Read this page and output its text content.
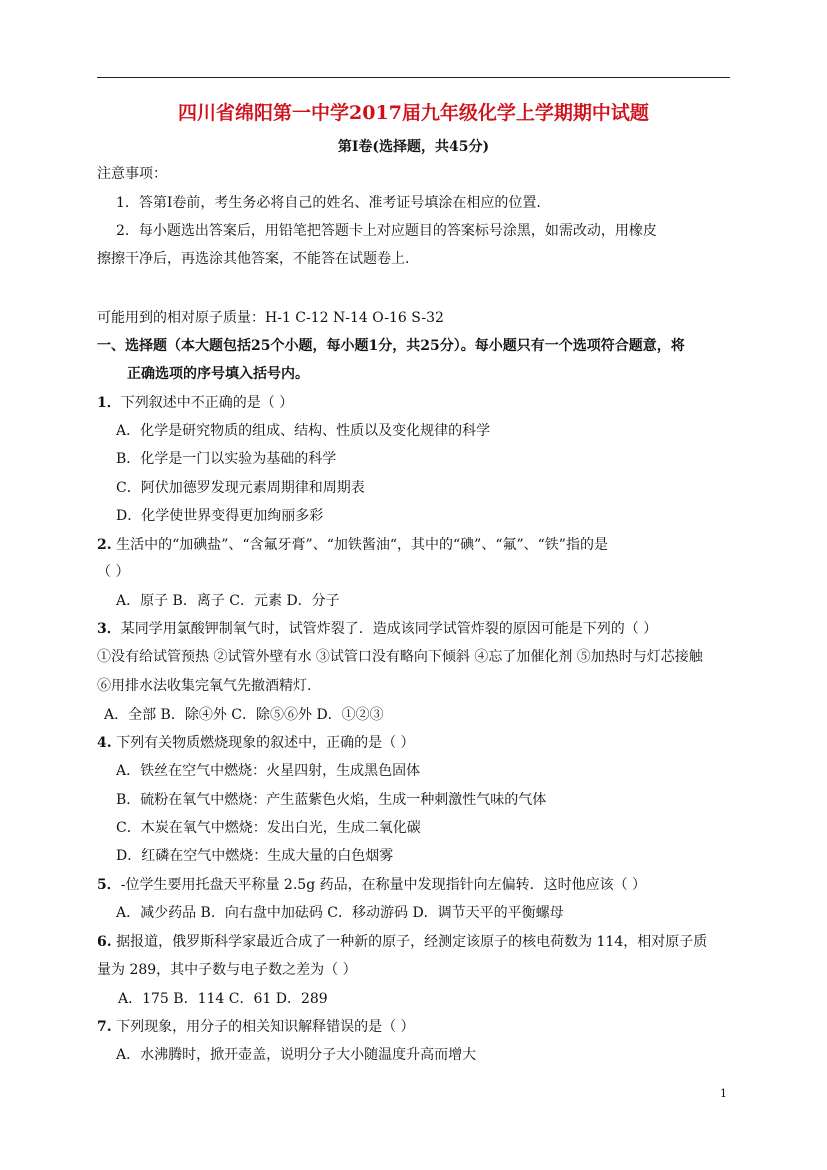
四川省绵阳第一中学2017届九年级化学上学期期中试题
第I卷(选择题，共45分)
注意事项：
1．答第I卷前，考生务必将自己的姓名、准考证号填涂在相应的位置.
2．每小题选出答案后，用铅笔把答题卡上对应题目的答案标号涂黑，如需改动，用橡皮
擦擦干净后，再选涂其他答案，不能答在试题卷上.
可能用到的相对原子质量：H-1 C-12 N-14 O-16 S-32
一、选择题（本大题包括25个小题，每小题1分，共25分）。每小题只有一个选项符合题意，将
正确选项的序号填入括号内。
1．下列叙述中不正确的是（ ）
A．化学是研究物质的组成、结构、性质以及变化规律的科学
B．化学是一门以实验为基础的科学
C．阿伏加德罗发现元素周期律和周期表
D．化学使世界变得更加绚丽多彩
2. 生活中的“加碘盐”、“含氟牙膏”、“加铁酱油“，其中的“碘”、“氟”、“铁”指的是
（ ）
A．原子 B．离子 C．元素 D．分子
3．某同学用氯酸钾制氧气时，试管炸裂了．造成该同学试管炸裂的原因可能是下列的（ ）
①没有给试管预热 ②试管外壁有水 ③试管口没有略向下倾斜 ④忘了加催化剂 ⑤加热时与灯芯接触
⑥用排水法收集完氧气先撤酒精灯.
A．全部 B．除④外 C．除⑤⑥外 D．①②③
4. 下列有关物质燃烧现象的叙述中，正确的是（ ）
A．铁丝在空气中燃烧：火星四射，生成黑色固体
B．硫粉在氧气中燃烧：产生蓝紫色火焰，生成一种刺激性气味的气体
C．木炭在氧气中燃烧：发出白光，生成二氧化碳
D．红磷在空气中燃烧：生成大量的白色烟雾
5．-位学生要用托盘天平称量 2.5g 药品，在称量中发现指针向左偏转．这时他应该（ ）
A．减少药品 B．向右盘中加砝码 C．移动游码 D．调节天平的平衡螺母
6. 据报道，俄罗斯科学家最近合成了一种新的原子，经测定该原子的核电荷数为 114，相对原子质
量为 289，其中子数与电子数之差为（ ）
A．175 B．114 C．61 D．289
7. 下列现象，用分子的相关知识解释错误的是（ ）
A．水沸腾时，掀开壶盖，说明分子大小随温度升高而增大
1
